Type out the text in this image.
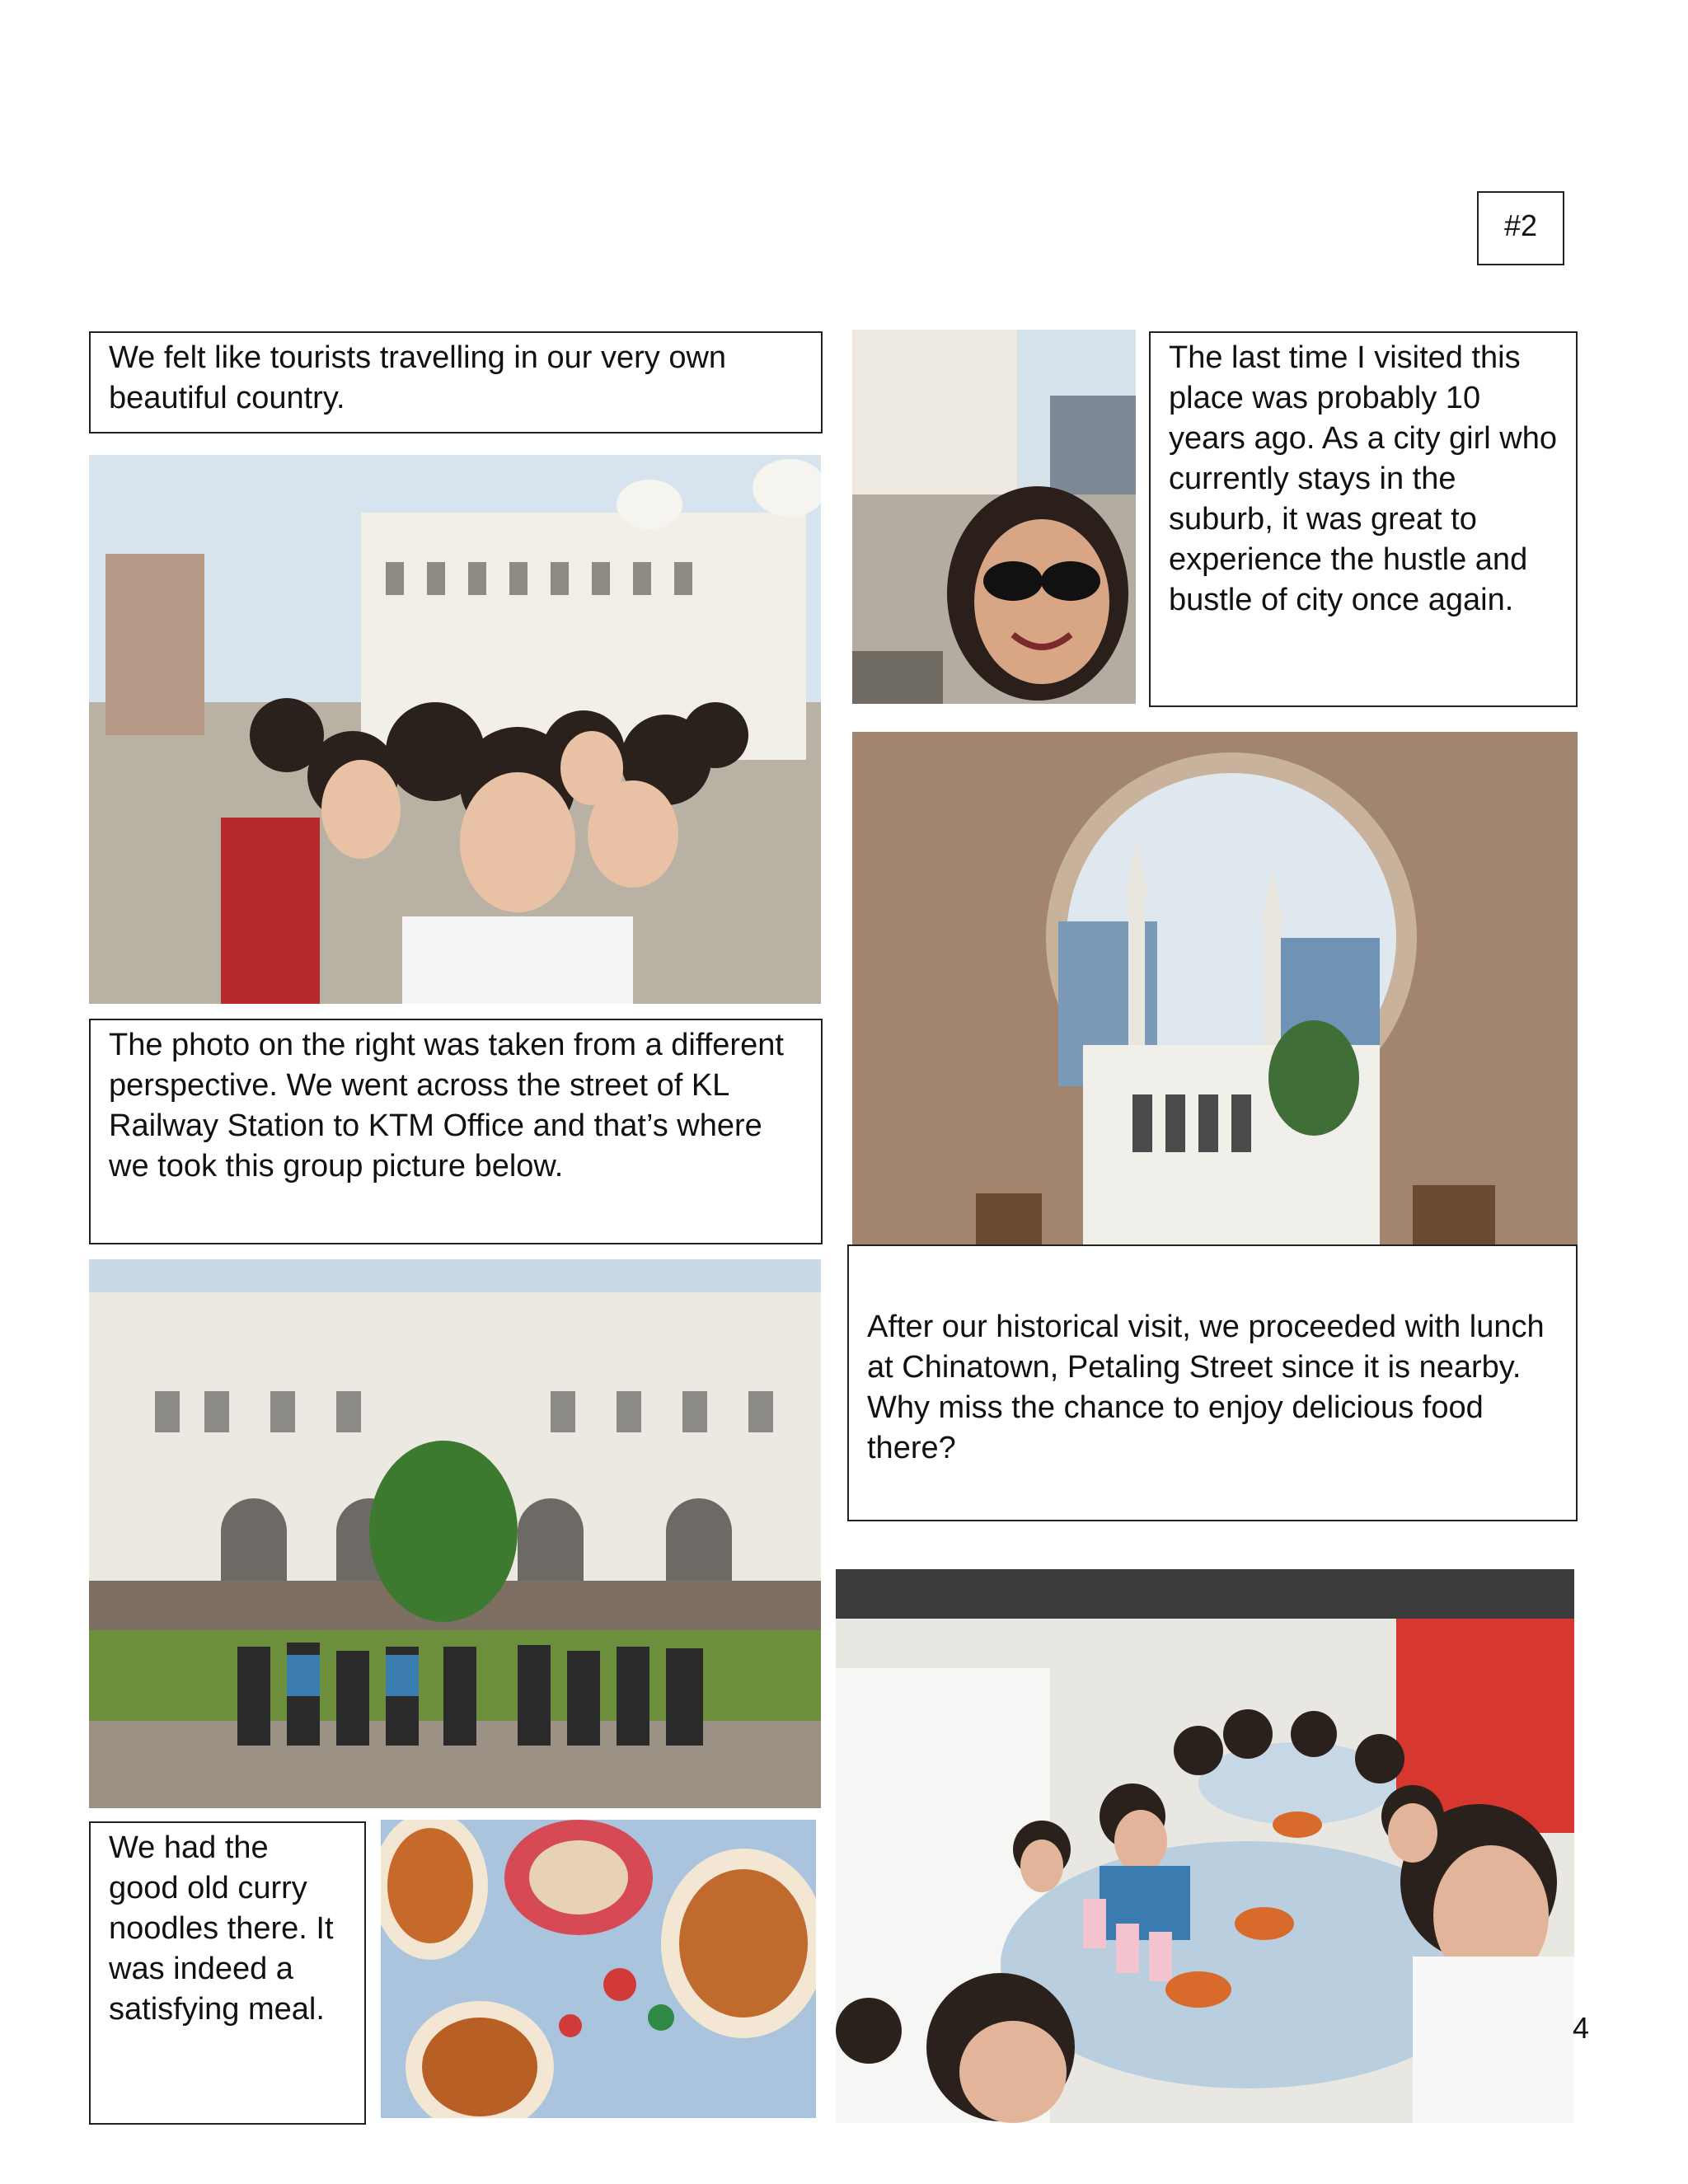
#2
We felt like tourists travelling in our very own beautiful country.
The photo on the right was taken from a different perspective. We went across the street of KL Railway Station to KTM Office and that’s where we took this group picture below.
We had the good old curry noodles there. It was indeed a satisfying meal.
The last time I visited this place was probably 10 years ago. As a city girl who currently stays in the suburb, it was great to experience the hustle and bustle of city once again.
After our historical visit, we proceeded with lunch at Chinatown, Petaling Street since it is nearby. Why miss the chance to enjoy delicious food there?
4
